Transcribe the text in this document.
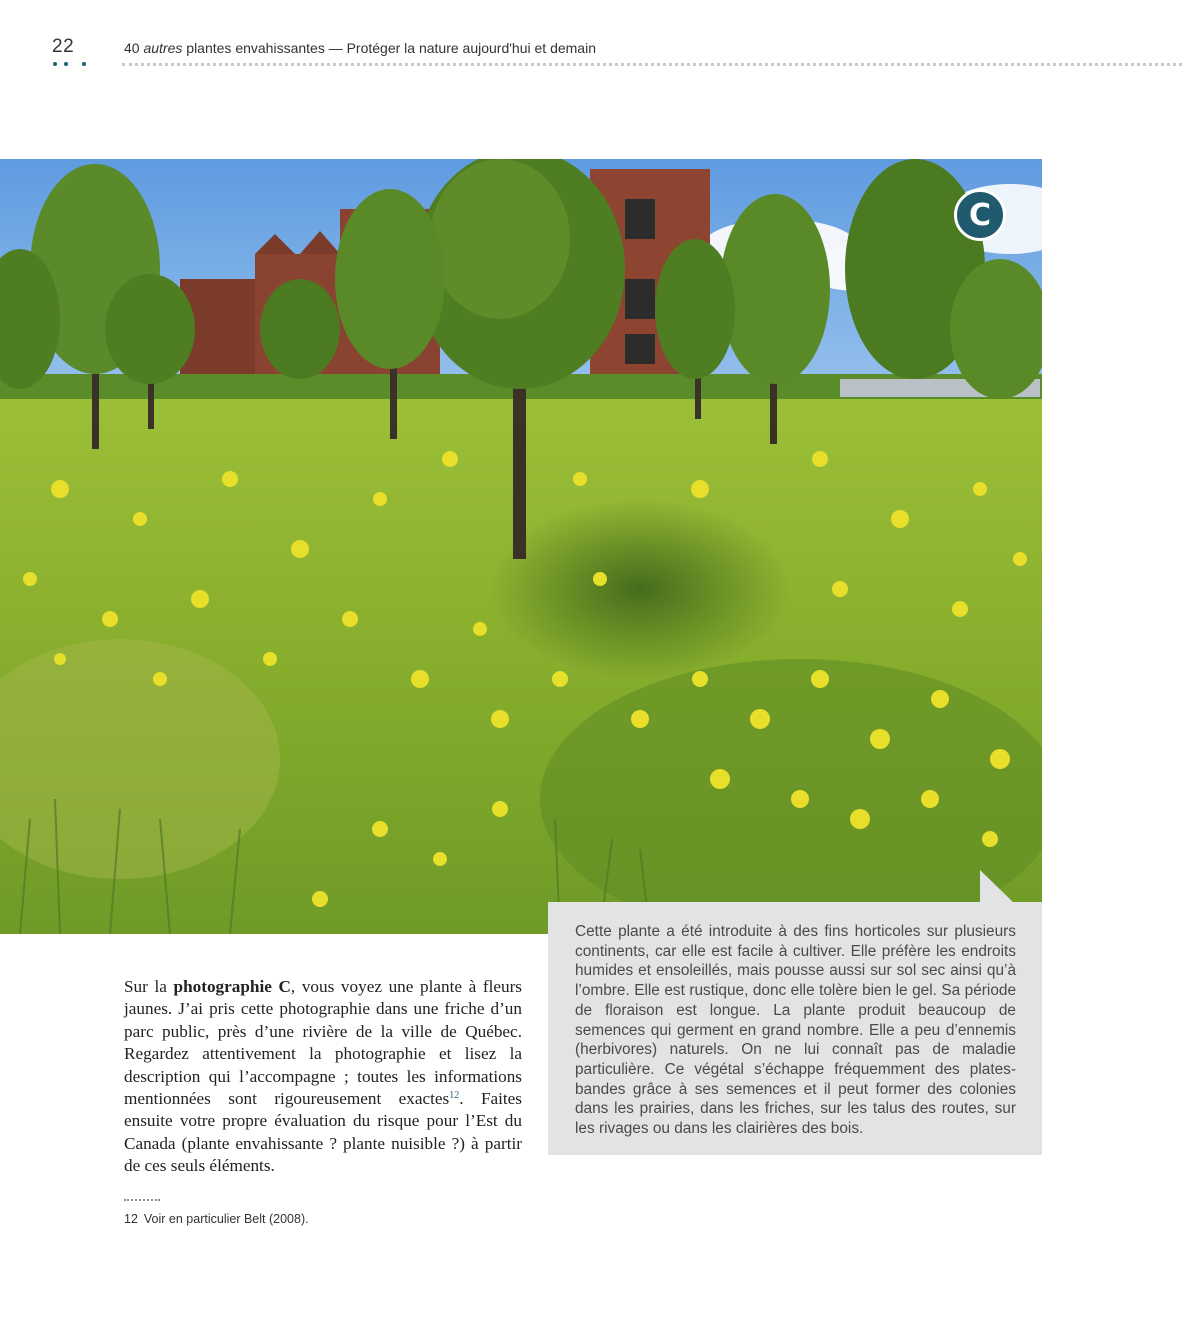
22	40 autres plantes envahissantes — Protéger la nature aujourd'hui et demain
C
Cette plante a été introduite à des fins horticoles sur plusieurs continents, car elle est facile à cultiver. Elle préfère les endroits humides et ensoleillés, mais pousse aussi sur sol sec ainsi qu’à l’ombre. Elle est rustique, donc elle tolère bien le gel. Sa période de floraison est longue. La plante produit beaucoup de semences qui germent en grand nombre. Elle a peu d’ennemis (herbivores) naturels. On ne lui connaît pas de maladie particulière. Ce végétal s’échappe fréquemment des plates-bandes grâce à ses semences et il peut former des colonies dans les prairies, dans les friches, sur les talus des routes, sur les rivages ou dans les clairières des bois.
Sur la photographie C, vous voyez une plante à fleurs jaunes. J’ai pris cette photographie dans une friche d’un parc public, près d’une rivière de la ville de Québec. Regardez attentivement la photographie et lisez la description qui l’accompagne ; toutes les informations mentionnées sont rigoureusement exactes$^{12}$. Faites ensuite votre propre évaluation du risque pour l’Est du Canada (plante envahissante ? plante nuisible ?) à partir de ces seuls éléments.
12 Voir en particulier Belt (2008).
